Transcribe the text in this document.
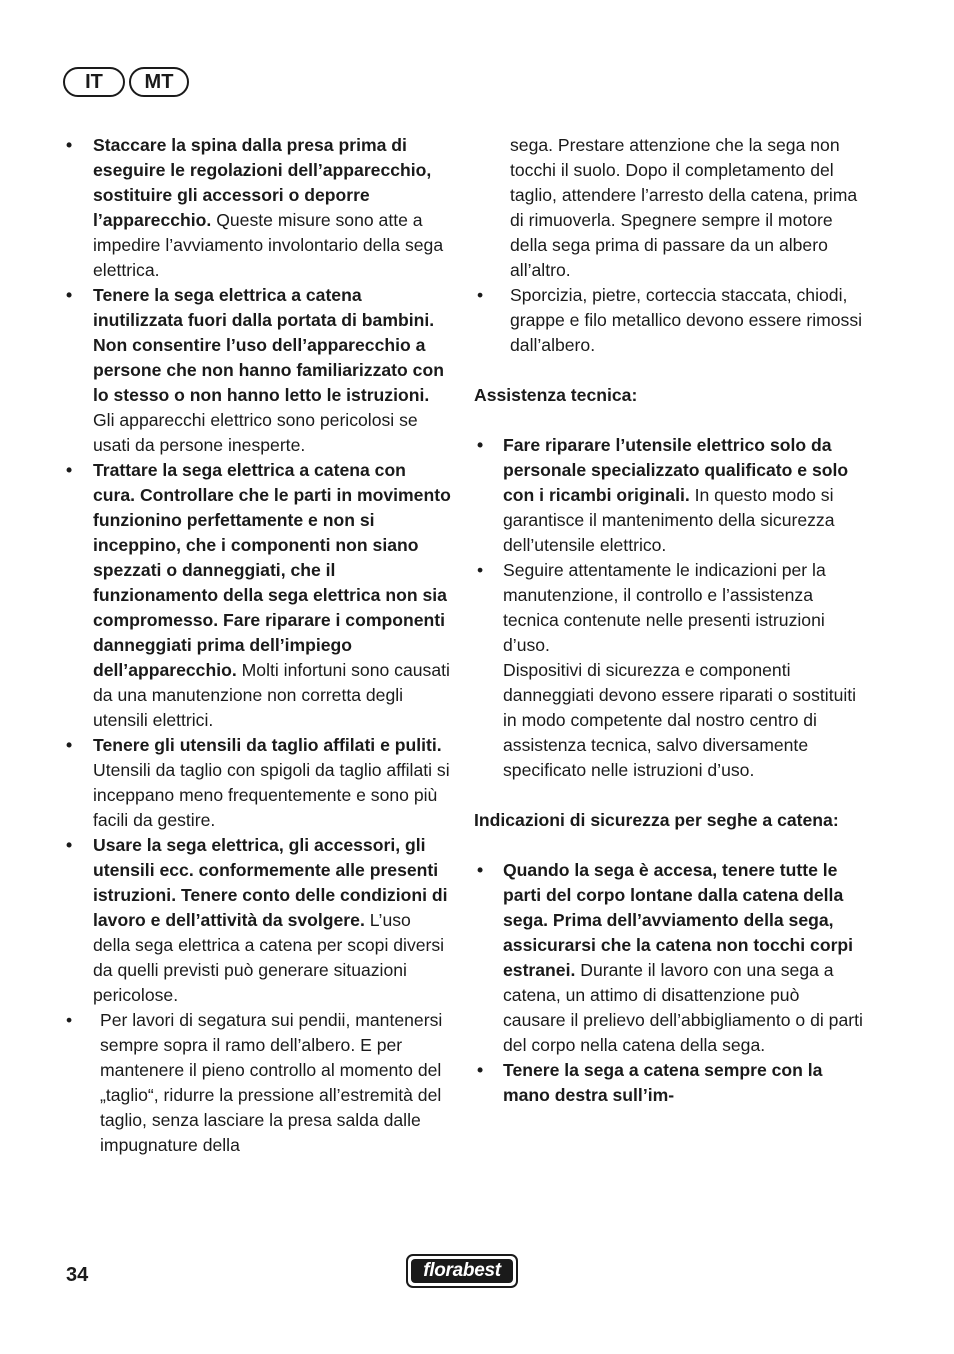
IT	MT
•	Staccare la spina dalla presa prima di eseguire le regolazioni dell’apparecchio, sostituire gli accessori o deporre l’apparecchio. Queste misure sono atte a impedire l’avviamento involontario della sega elettrica.
•	Tenere la sega elettrica a catena inutilizzata fuori dalla portata di bambini. Non consentire l’uso dell’apparecchio a persone che non hanno familiarizzato con lo stesso o non hanno letto le istruzioni. Gli apparecchi elettrico sono pericolosi se usati da persone inesperte.
•	Trattare la sega elettrica a catena con cura. Controllare che le parti in movimento funzionino perfettamente e non si inceppino, che i componenti non siano spezzati o danneggiati, che il funzionamento della sega elettrica non sia compromesso. Fare riparare i componenti danneggiati prima dell’impiego dell’apparecchio. Molti infortuni sono causati da una manutenzione non corretta degli utensili elettrici.
•	Tenere gli utensili da taglio affilati e puliti. Utensili da taglio con spigoli da taglio affilati si inceppano meno frequentemente e sono più facili da gestire.
•	Usare la sega elettrica, gli accessori, gli utensili ecc. conformemente alle presenti istruzioni. Tenere conto delle condizioni di lavoro e dell’attività da svolgere. L’uso della sega elettrica a catena per scopi diversi da quelli previsti può generare situazioni pericolose.
•	Per lavori di segatura sui pendii, mantenersi sempre sopra il ramo dell’albero. E per mantenere il pieno controllo al momento del „taglio“, ridurre la pressione all’estremità del taglio, senza lasciare la presa salda dalle impugnature della

sega. Prestare attenzione che la sega non tocchi il suolo. Dopo il completamento del taglio, attendere l’arresto della catena, prima di rimuoverla. Spegnere sempre il motore della sega prima di passare da un albero all’altro.

•	Sporcizia, pietre, corteccia staccata, chiodi, grappe e filo metallico devono essere rimossi dall’albero.

Assistenza tecnica:

•	Fare riparare l’utensile elettrico solo da personale specializzato qualificato e solo con i ricambi originali. In questo modo si garantisce il mantenimento della sicurezza dell’utensile elettrico.
•	Seguire attentamente le indicazioni per la manutenzione, il controllo e l’assistenza tecnica contenute nelle presenti istruzioni d’uso.
Dispositivi di sicurezza e componenti danneggiati devono essere riparati o sostituiti in modo competente dal nostro centro di assistenza tecnica, salvo diversamente specificato nelle istruzioni d’uso.

Indicazioni di sicurezza per seghe a catena:

•	Quando la sega è accesa, tenere tutte le parti del corpo lontane dalla catena della sega. Prima dell’avviamento della sega, assicurarsi che la catena non tocchi corpi estranei. Durante il lavoro con una sega a catena, un attimo di disattenzione può causare il prelievo dell’abbigliamento o di parti del corpo nella catena della sega.
•	Tenere la sega a catena sempre con la mano destra sull’im-
34	florabest
